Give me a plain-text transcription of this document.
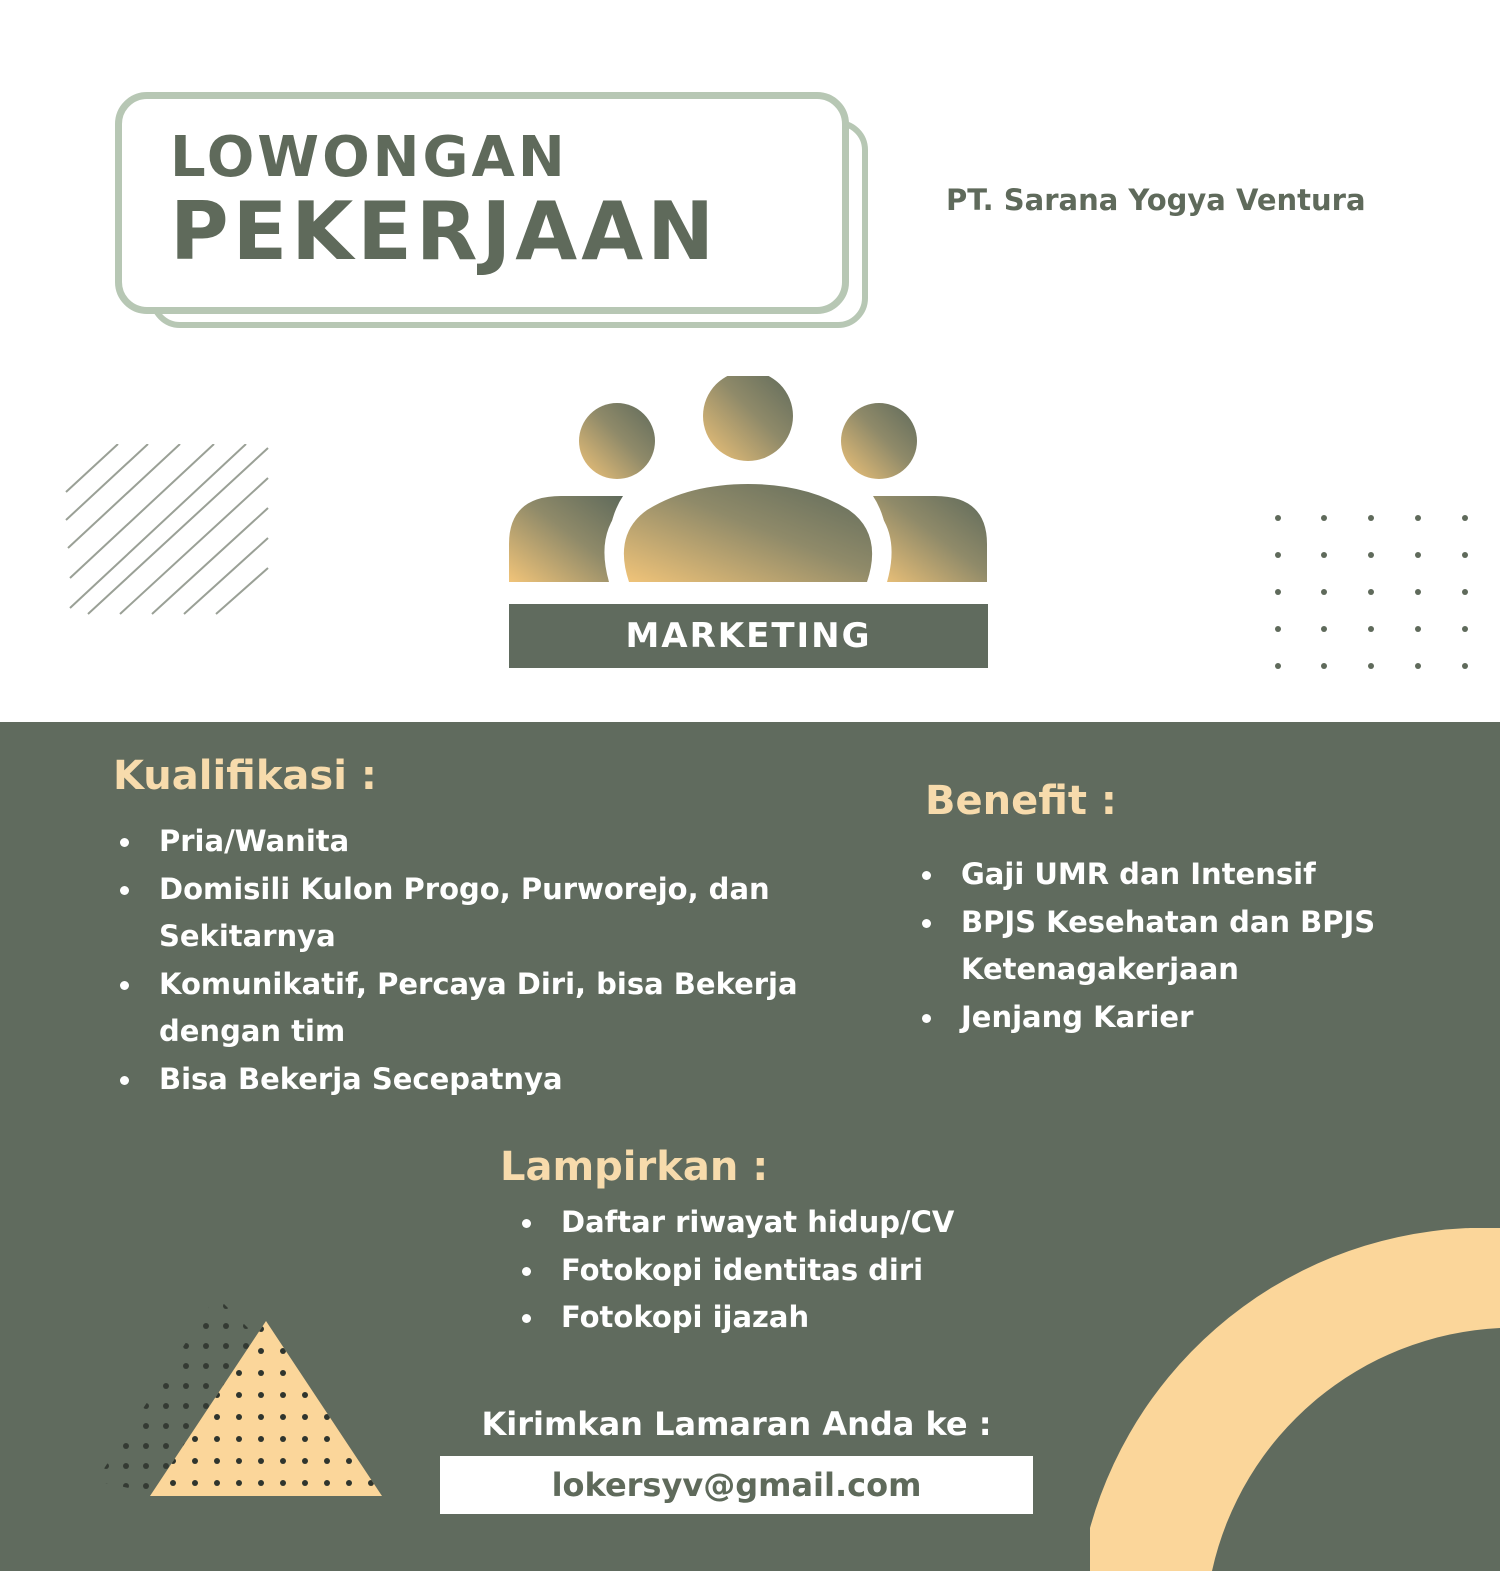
LOWONGAN
PEKERJAAN	PT. Sarana Yogya Ventura
MARKETING
Kualifikasi :
Pria/Wanita
Domisili Kulon Progo, Purworejo, dan Sekitarnya
Komunikatif, Percaya Diri, bisa Bekerja dengan tim
Bisa Bekerja Secepatnya
Benefit :
Gaji UMR dan Intensif
BPJS Kesehatan dan BPJS Ketenagakerjaan
Jenjang Karier
Lampirkan :
Daftar riwayat hidup/CV
Fotokopi identitas diri
Fotokopi ijazah
Kirimkan Lamaran Anda ke :
lokersyv@gmail.com
